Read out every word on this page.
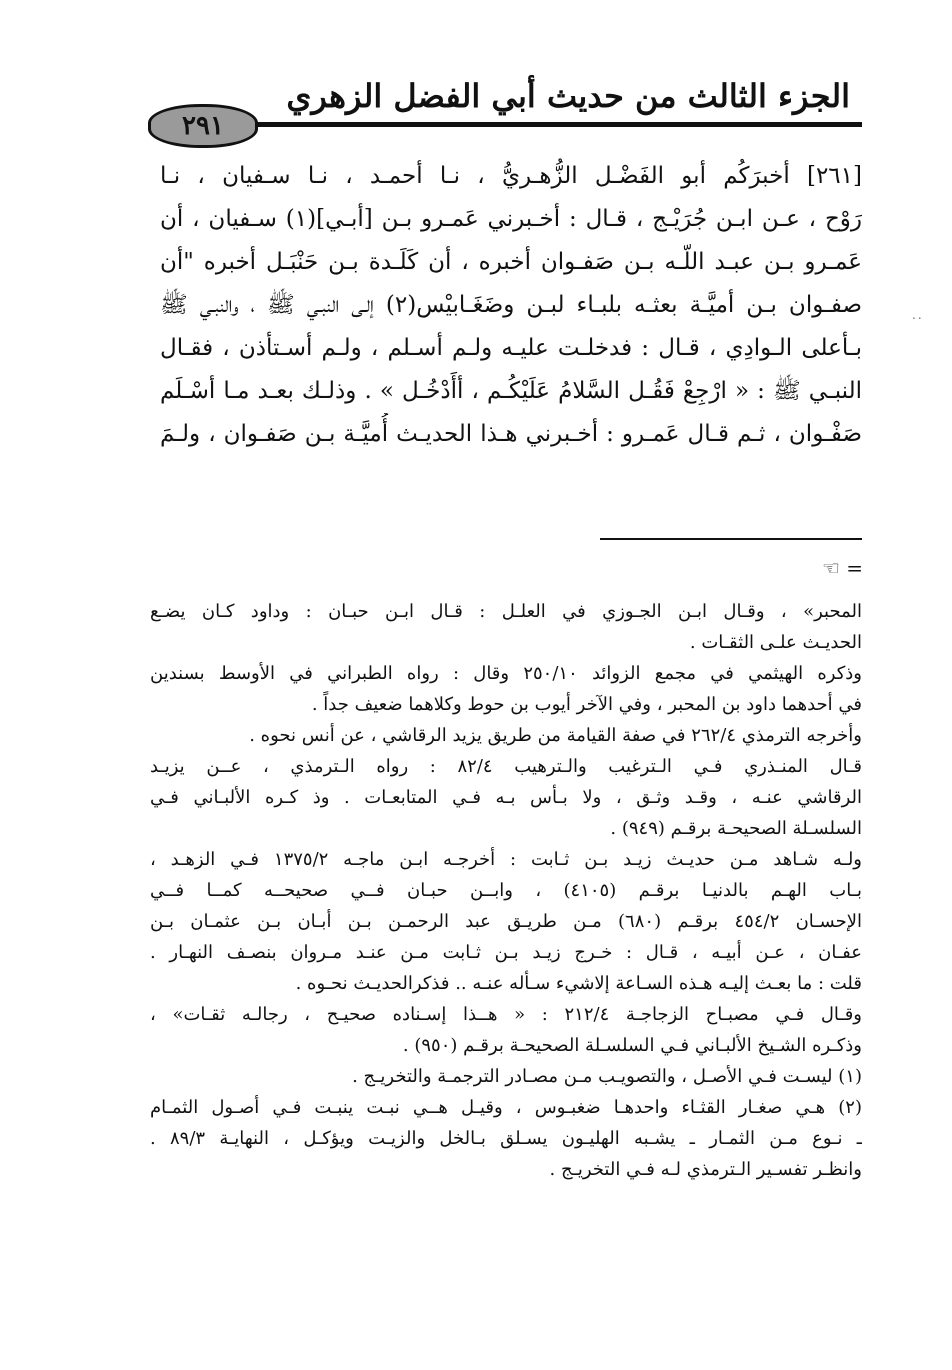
الجزء الثالث من حديث أبي الفضل الزهري
٢٩١
..
[٢٦١] أخبرَكُم أبو الفَضْـل الزُّهـريُّ ، نـا أحمـد ، نـا سـفيان ، نـا
رَوْح ، عـن ابـن جُرَيْـج ، قـال : أخـبرني عَمـرو بـن [أبـي](١) سـفيان ، أن
عَمـرو بـن عبـد اللّـه بـن صَفـوان أخبره ، أن كَلَـدة بـن حَنْبَـل أخبره "أن
صفـوان بـن أميَّـة بعثـه بلبـاء لبـن وضَغَـابيْس(٢) إلـى النبـي ﷺ ، والنبـي ﷺ
بـأعلى الـوادِي ، قـال : فدخلـت عليـه ولـم أسـلم ، ولـم أسـتأذن ، فقـال
النبـي ﷺ : « ارْجِعْ فَقُـل السَّلامُ عَلَيْكُـم ، أأَدْخُـل » . وذلـك بعـد مـا أسْـلَم
صَفْـوان ، ثـم قـال عَمـرو : أخـبرني هـذا الحديـث أُميَّـة بـن صَفـوان ، ولـمَ
= ☜
المحبر» ، وقـال ابـن الجـوزي في العلـل : قـال ابـن حبـان : وداود كـان يضـع
الحديـث علـى الثقـات .
وذكره الهيثمي في مجمع الزوائد ٢٥٠/١٠ وقال : رواه الطبراني في الأوسط بسندين
في أحدهما داود بن المحبر ، وفي الآخر أيوب بن حوط وكلاهما ضعيف جداً .
وأخرجه الترمذي ٢٦٢/٤ في صفة القيامة من طريق يزيد الرقاشي ، عن أنس نحوه .
قـال المنـذري فـي الـترغيب والـترهيب ٨٢/٤ : رواه الـترمذي ، عــن يزيـد
الرقاشي عنـه ، وقـد وثـق ، ولا بـأس بـه فـي المتابعـات . وذ كـره الألبـاني فـي
السلسـلة الصحيحـة برقـم (٩٤٩) .
ولـه شـاهد مـن حديـث زيـد بـن ثـابت : أخرجـه ابـن ماجـه ١٣٧٥/٢ فـي الزهـد ،
بـاب الهـم بالدنيـا برقـم (٤١٠٥) ، وابــن حبـان فــي صحيحــه كمــا فــي
الإحسـان ٤٥٤/٢ برقـم (٦٨٠) مـن طريـق عبد الرحمـن بـن أبـان بـن عثمـان بـن
عفـان ، عـن أبيـه ، قـال : خـرج زيـد بـن ثـابت مـن عنـد مـروان بنصـف النهـار .
قلت : ما بعـث إليـه هـذه السـاعة إلاشيء سـأله عنـه .. فذكرالحديـث نحـوه .
وقـال فـي مصبـاح الزجاجـة ٢١٢/٤ : « هــذا إسـناده صحيـح ، رجالـه ثقـات» ،
وذكـره الشـيخ الألبـاني فـي السلسـلة الصحيحـة برقـم (٩٥٠) .
(١) ليسـت فـي الأصـل ، والتصويـب مـن مصـادر الترجمـة والتخريـج .
(٢) هـي صغـار القثـاء واحدهـا ضغبـوس ، وقيـل هــي نبـت ينبـت فـي أصـول الثمـام
ـ نـوع مـن الثمـار ـ يشـبه الهليـون يسـلق بـالخل والزيـت ويؤكـل ، النهايـة ٨٩/٣ .
وانظـر تفسـير الـترمذي لـه فـي التخريـج .
